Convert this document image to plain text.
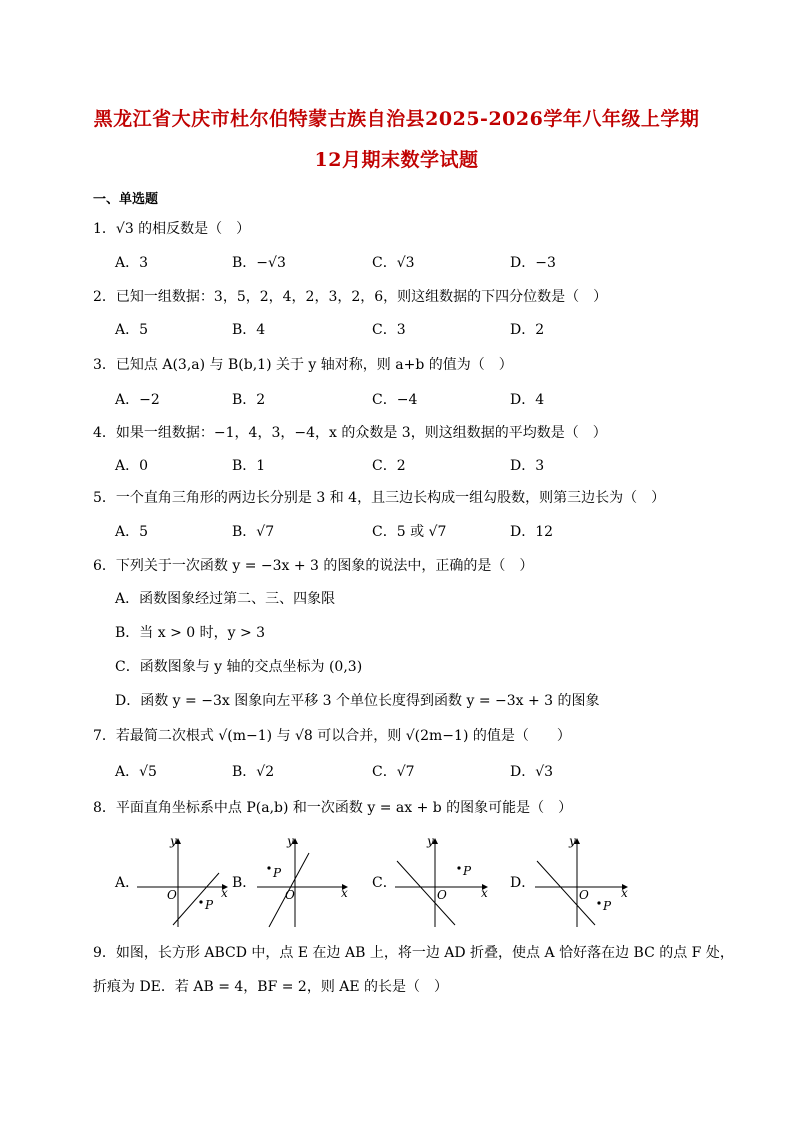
黑龙江省大庆市杜尔伯特蒙古族自治县2025-2026学年八年级上学期
12月期末数学试题
一、单选题
1．√3 的相反数是（　）
A．3	B．−√3	C．√3	D．−3
2．已知一组数据：3，5，2，4，2，3，2，6，则这组数据的下四分位数是（　）
A．5	B．4	C．3	D．2
3．已知点 A(3,a) 与 B(b,1) 关于 y 轴对称，则 a+b 的值为（　）
A．−2	B．2	C．−4	D．4
4．如果一组数据：−1，4，3，−4，x 的众数是 3，则这组数据的平均数是（　）
A．0	B．1	C．2	D．3
5．一个直角三角形的两边长分别是 3 和 4，且三边长构成一组勾股数，则第三边长为（　）
A．5	B．√7	C．5 或 √7	D．12
6．下列关于一次函数 y = −3x + 3 的图象的说法中，正确的是（　）
A．函数图象经过第二、三、四象限
B．当 x > 0 时，y > 3
C．函数图象与 y 轴的交点坐标为 (0,3)
D．函数 y = −3x 图象向左平移 3 个单位长度得到函数 y = −3x + 3 的图象
7．若最简二次根式 √(m−1) 与 √8 可以合并，则 √(2m−1) 的值是（　　）
A．√5	B．√2	C．√7	D．√3
8．平面直角坐标系中点 P(a,b) 和一次函数 y = ax + b 的图象可能是（　）
A．	B．	C．	D．
y
x
O
P
y
x
O
P
y
x
O
P
y
x
O
P
9．如图，长方形 ABCD 中，点 E 在边 AB 上，将一边 AD 折叠，使点 A 恰好落在边 BC 的点 F 处，
折痕为 DE．若 AB = 4，BF = 2，则 AE 的长是（　）
